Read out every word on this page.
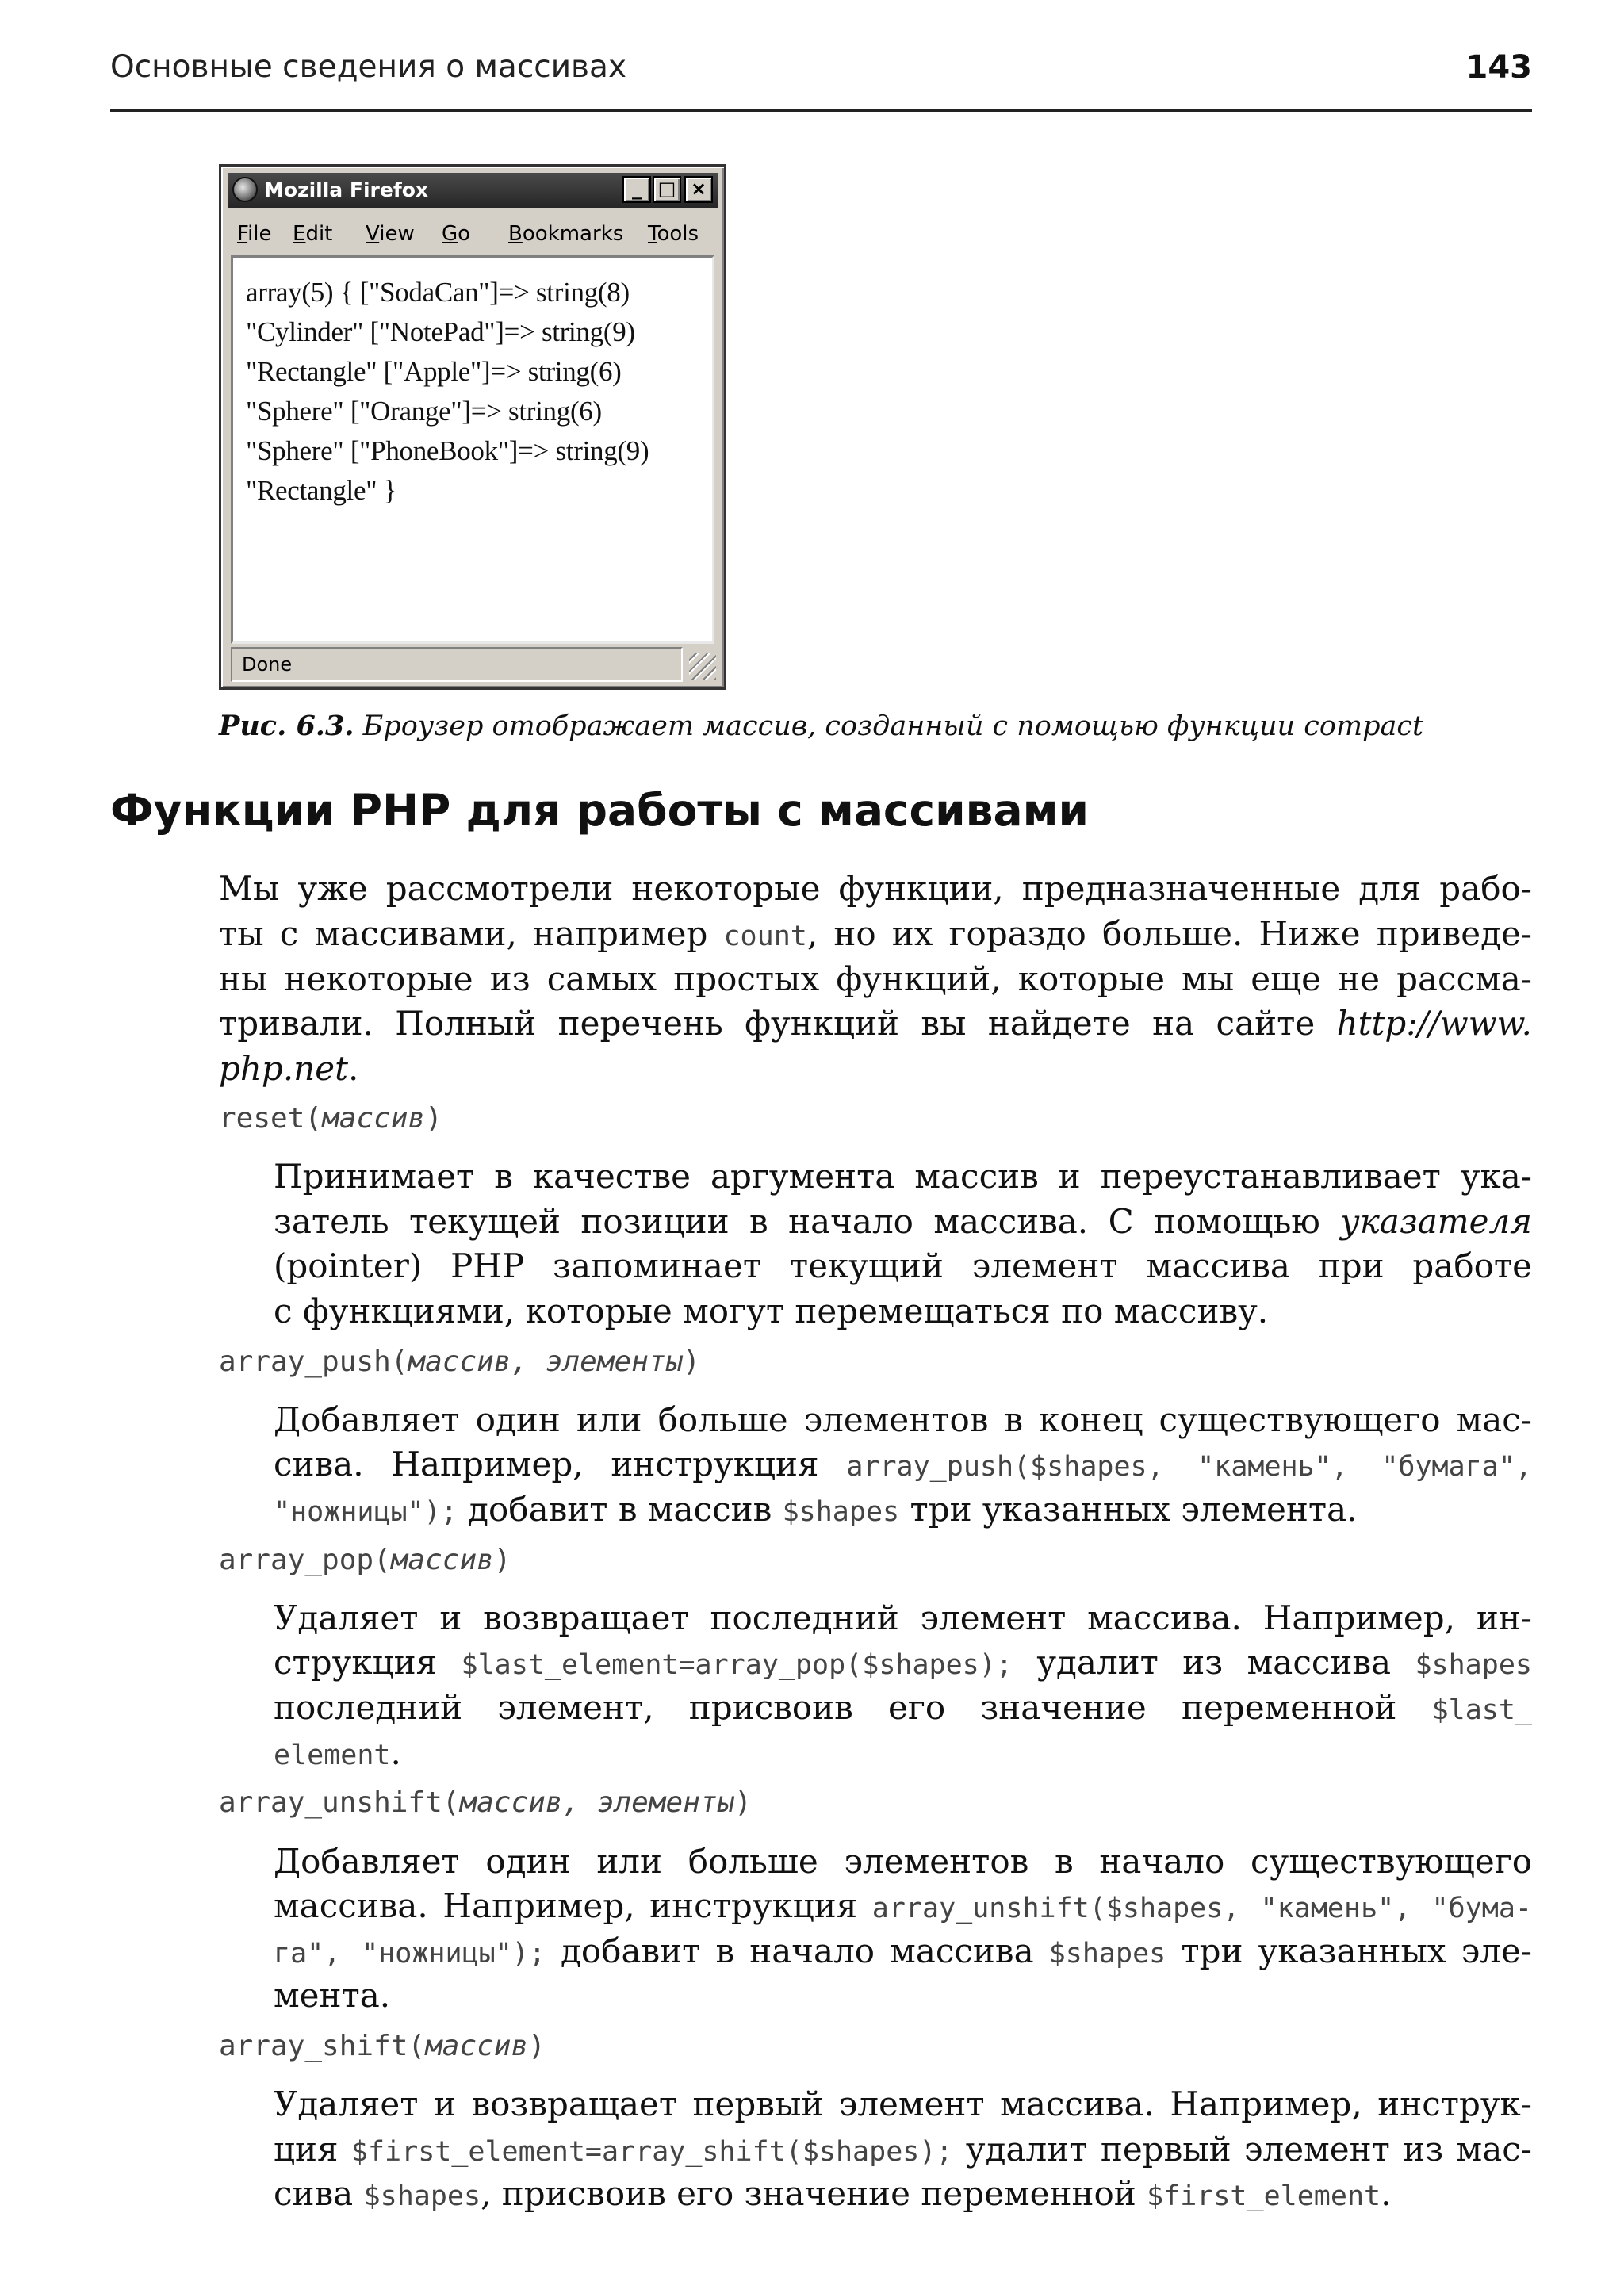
Основные сведения о массивах	143
Mozilla Firefox	_ □ ×
File Edit View Go Bookmarks Tools
array(5) { ["SodaCan"]=> string(8)
"Cylinder" ["NotePad"]=> string(9)
"Rectangle" ["Apple"]=> string(6)
"Sphere" ["Orange"]=> string(6)
"Sphere" ["PhoneBook"]=> string(9)
"Rectangle" }
Done
Рис. 6.3. Броузер отображает массив, созданный с помощью функции compact
Функции PHP для работы с массивами
Мы уже рассмотрели некоторые функции, предназначенные для рабо-
ты с массивами, например count, но их гораздо больше. Ниже приведе-
ны некоторые из самых простых функций, которые мы еще не рассма-
тривали. Полный перечень функций вы найдете на сайте http://www.
php.net.
reset(массив)
Принимает в качестве аргумента массив и переустанавливает ука-
затель текущей позиции в начало массива. С помощью указателя
(pointer) PHP запоминает текущий элемент массива при работе
с функциями, которые могут перемещаться по массиву.
array_push(массив, элементы)
Добавляет один или больше элементов в конец существующего мас-
сива. Например, инструкция array_push($shapes, "камень", "бумага",
"ножницы"); добавит в массив $shapes три указанных элемента.
array_pop(массив)
Удаляет и возвращает последний элемент массива. Например, ин-
струкция $last_element=array_pop($shapes); удалит из массива $shapes
последний элемент, присвоив его значение переменной $last_
element.
array_unshift(массив, элементы)
Добавляет один или больше элементов в начало существующего
массива. Например, инструкция array_unshift($shapes, "камень", "бума-
га", "ножницы"); добавит в начало массива $shapes три указанных эле-
мента.
array_shift(массив)
Удаляет и возвращает первый элемент массива. Например, инструк-
ция $first_element=array_shift($shapes); удалит первый элемент из мас-
сива $shapes, присвоив его значение переменной $first_element.
